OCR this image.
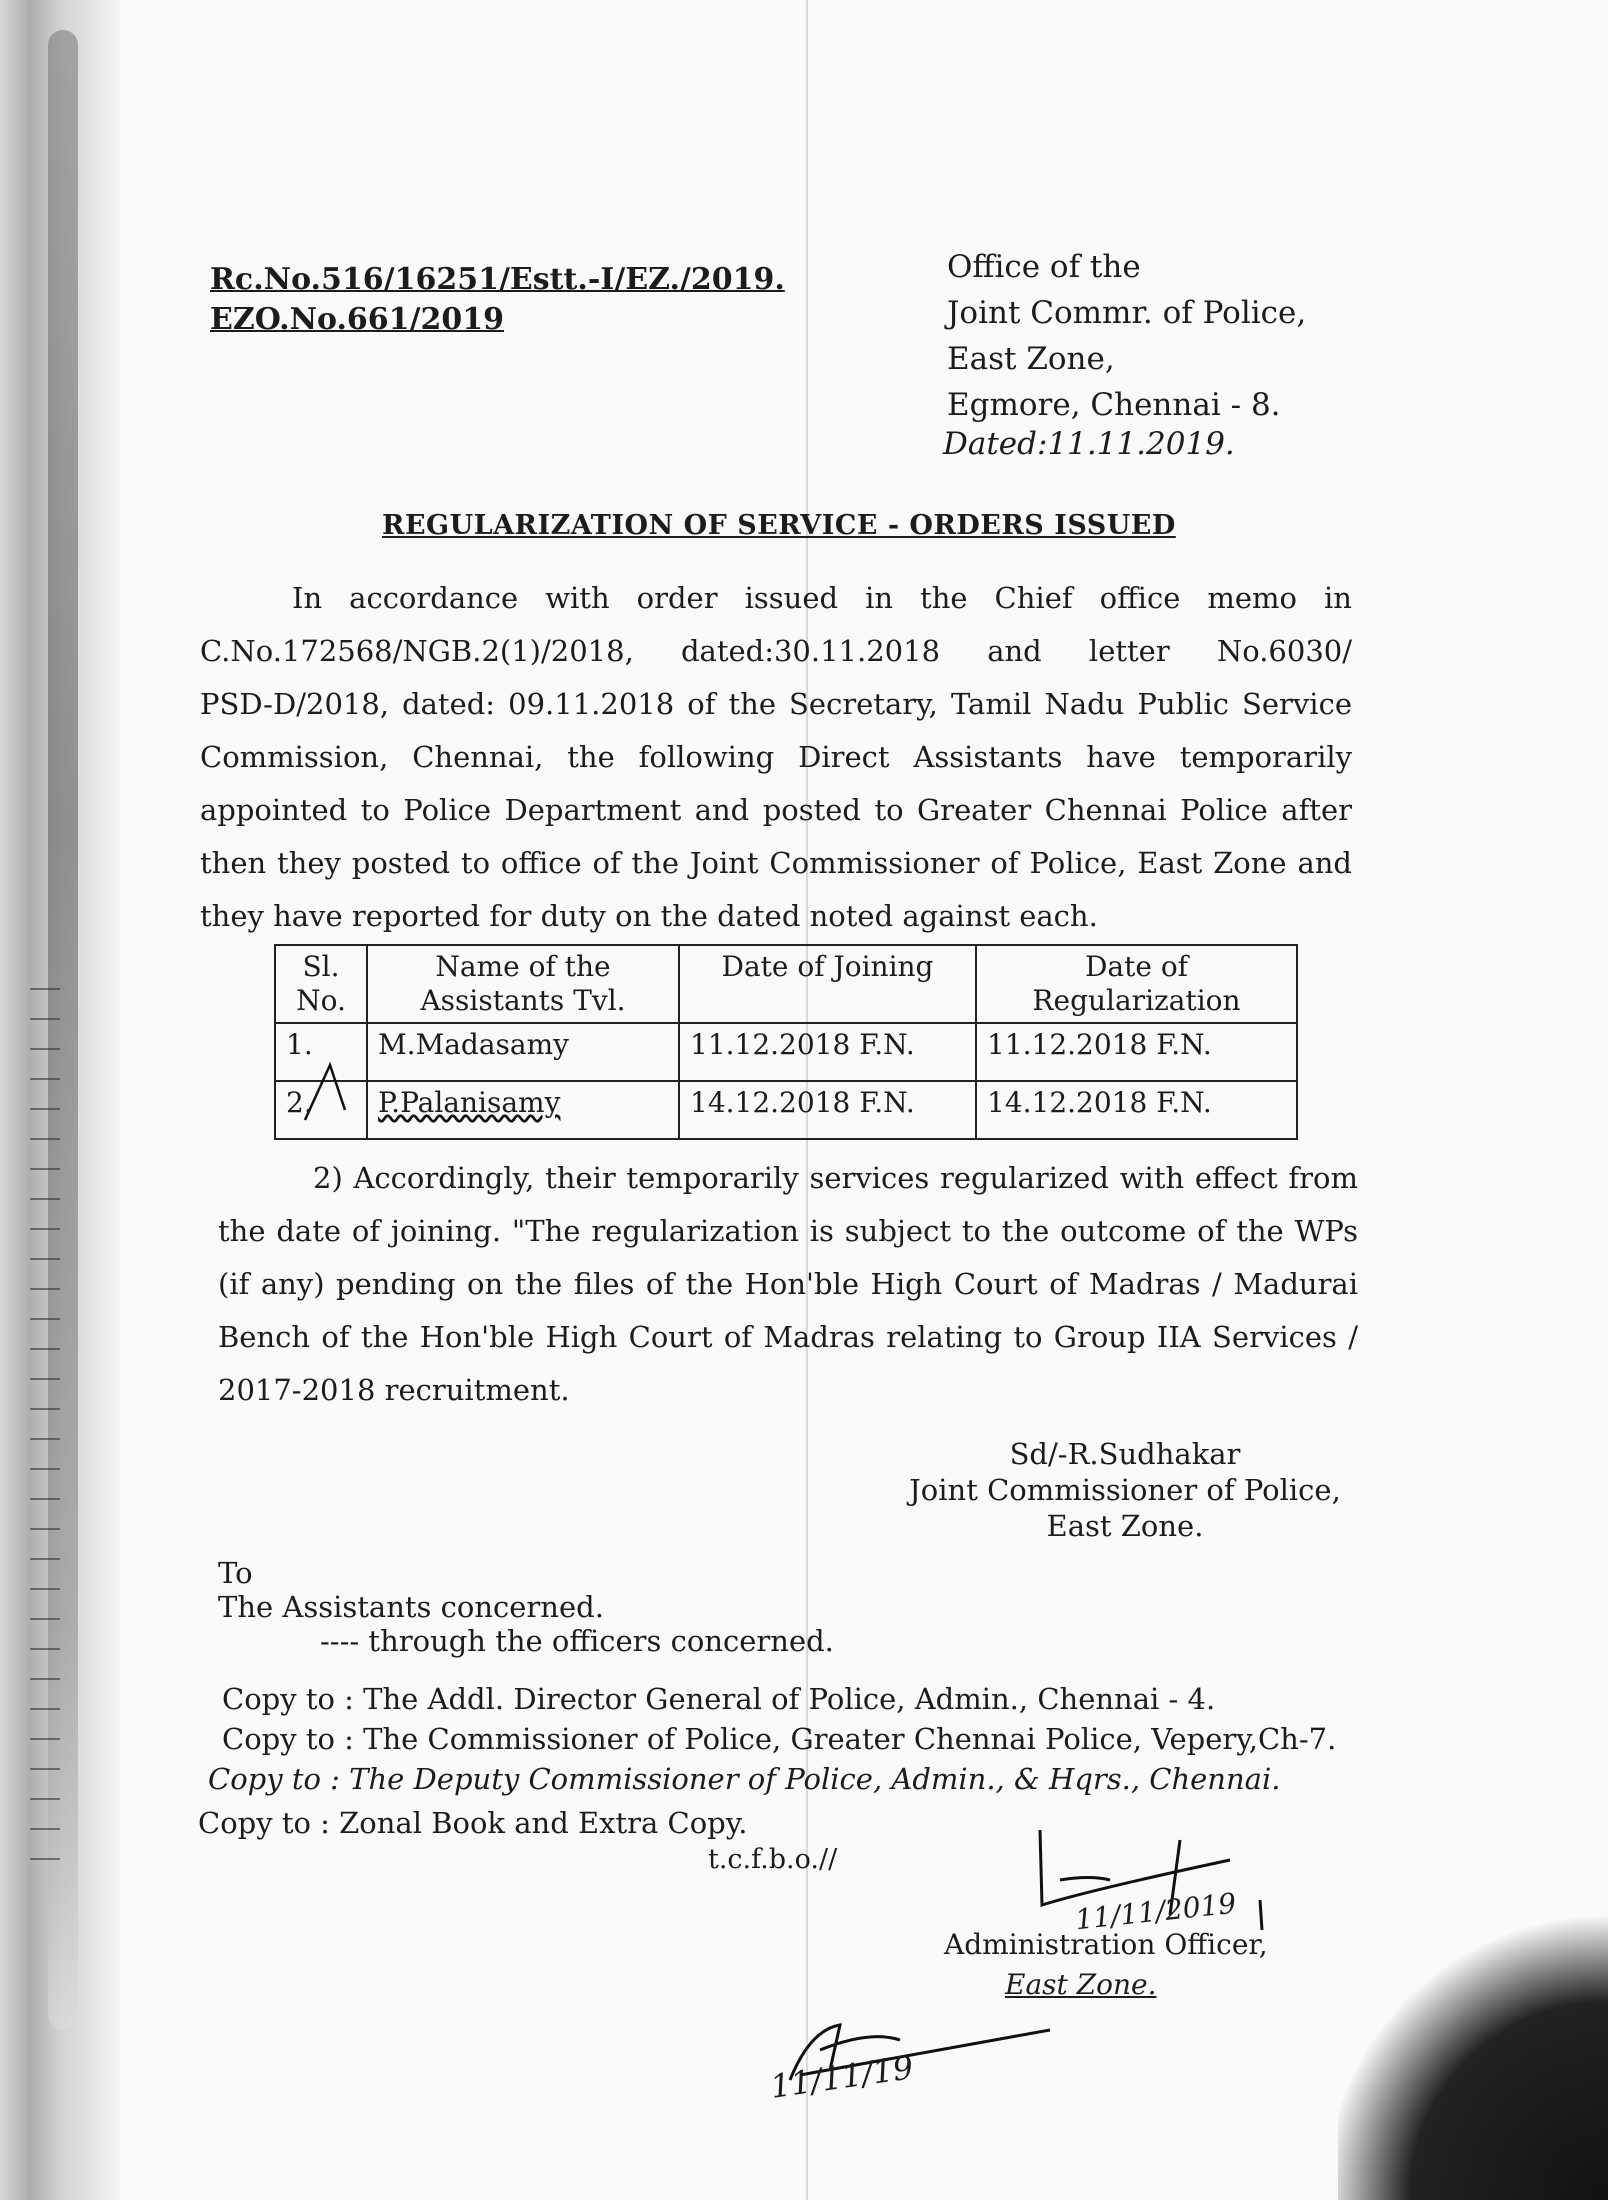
Rc.No.516/16251/Estt.-I/EZ./2019.
EZO.No.661/2019
Office of the
Joint Commr. of Police,
East Zone,
Egmore, Chennai - 8.
Dated:11.11.2019.
REGULARIZATION OF SERVICE - ORDERS ISSUED
In accordance with order issued in the Chief office memo in
C.No.172568/NGB.2(1)/2018, dated:30.11.2018 and letter No.6030/
PSD-D/2018, dated: 09.11.2018 of the Secretary, Tamil Nadu Public Service
Commission, Chennai, the following Direct Assistants have temporarily
appointed to Police Department and posted to Greater Chennai Police after
then they posted to office of the Joint Commissioner of Police, East Zone and
they have reported for duty on the dated noted against each.
Sl. No.	Name of the Assistants Tvl.	Date of Joining	Date of Regularization
1.	M.Madasamy	11.12.2018 F.N.	11.12.2018 F.N.
2.	P.Palanisamy	14.12.2018 F.N.	14.12.2018 F.N.
2) Accordingly, their temporarily services regularized with effect from
the date of joining. "The regularization is subject to the outcome of the WPs
(if any) pending on the files of the Hon'ble High Court of Madras / Madurai
Bench of the Hon'ble High Court of Madras relating to Group IIA Services /
2017-2018 recruitment.
Sd/-R.Sudhakar
Joint Commissioner of Police,
East Zone.
To
The Assistants concerned.
---- through the officers concerned.
Copy to : The Addl. Director General of Police, Admin., Chennai - 4.
Copy to : The Commissioner of Police, Greater Chennai Police, Vepery,Ch-7.
Copy to : The Deputy Commissioner of Police, Admin., & Hqrs., Chennai.
Copy to : Zonal Book and Extra Copy.
t.c.f.b.o.//
11/11/2019
Administration Officer,
East Zone.
11/11/19
